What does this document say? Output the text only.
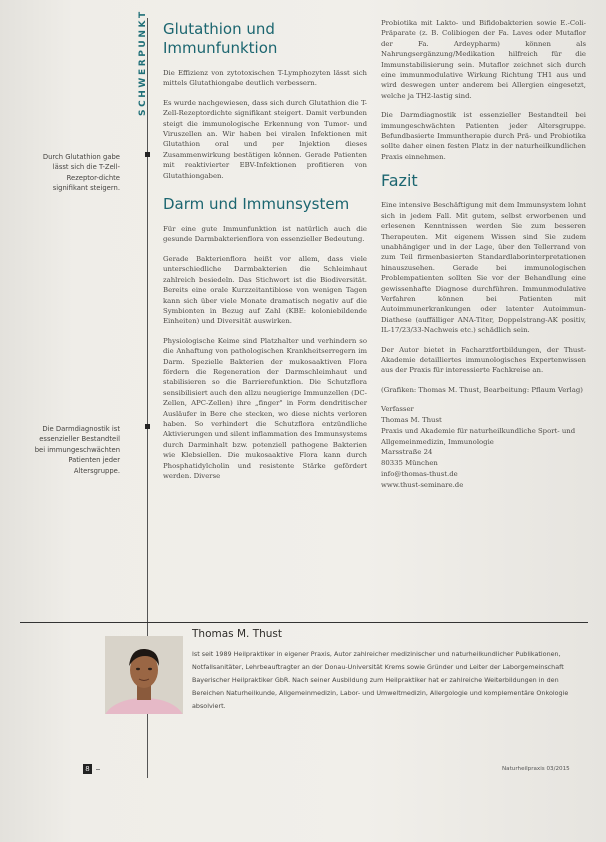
SCHWERPUNKT
Durch Glutathion gabe lässt sich die T-Zell-Rezeptor-dichte signifikant steigern.
Die Darmdiagnostik ist essenzieller Bestandteil bei immungeschwächten Patienten jeder Altersgruppe.
Glutathion und Immunfunktion

Die Effizienz von zytotoxischen T-Lymphozyten lässt sich mittels Glutathiongabe deutlich verbessern.

Es wurde nachgewiesen, dass sich durch Glutathion die T-Zell-Rezeptordichte signifikant steigert. Damit verbunden steigt die immunologische Erkennung von Tumor- und Viruszellen an. Wir haben bei viralen Infektionen mit Glutathion oral und per Injektion dieses Zusammenwirkung bestätigen können. Gerade Patienten mit reaktivierter EBV-Infektionen profitieren von Glutathiongaben.

Darm und Immunsystem

Für eine gute Immunfunktion ist natürlich auch die gesunde Darmbakterienflora von essenzieller Bedeutung.

Gerade Bakterienflora heißt vor allem, dass viele unterschiedliche Darmbakterien die Schleimhaut zahlreich besiedeln. Das Stichwort ist die Biodiversität. Bereits eine orale Kurzzeitantibiose von wenigen Tagen kann sich über viele Monate dramatisch negativ auf die Symbionten in Bezug auf Zahl (KBE: koloniebildende Einheiten) und Diversität auswirken.

Physiologische Keime sind Platzhalter und verhindern so die Anhaftung von pathologischen Krankheitserregern im Darm. Spezielle Bakterien der mukosaaktiven Flora fördern die Regeneration der Darmschleimhaut und stabilisieren so die Barrierefunktion. Die Schutzflora sensibilisiert auch den allzu neugierige Immunzellen (DC-Zellen, APC-Zellen) ihre „finger" in Form dendritischer Ausläufer in Bere che stecken, wo diese nichts verloren haben. So verhindert die Schutzflora entzündliche Aktivierungen und silent inflammation des Immunsystems durch Darminhalt bzw. potenziell pathogene Bakterien wie Klebsiellen. Die mukosaaktive Flora kann durch Phosphatidylcholin und resistente Stärke gefördert werden. Diverse

Probiotika mit Lakto- und Bifidobakterien sowie E.-Coli-Präparate (z. B. Colibiogen der Fa. Laves oder Mutaflor der Fa. Ardeypharm) können als Nahrungsergänzung/Medikation hilfreich für die Immunstabilisierung sein. Mutaflor zeichnet sich durch eine immunmodulative Wirkung Richtung TH1 aus und wird deswegen unter anderem bei Allergien eingesetzt, welche ja TH2-lastig sind.

Die Darmdiagnostik ist essenzieller Bestandteil bei immungeschwächten Patienten jeder Altersgruppe. Befundbasierte Immuntherapie durch Prä- und Probiotika sollte daher einen festen Platz in der naturheilkundlichen Praxis einnehmen.

Fazit

Eine intensive Beschäftigung mit dem Immunsystem lohnt sich in jedem Fall. Mit gutem, selbst erworbenen und erlesenen Kenntnissen werden Sie zum besseren Therapeuten. Mit eigenem Wissen sind Sie zudem unabhängiger und in der Lage, über den Tellerrand von zum Teil firmenbasierten Standardlaborinterpretationen hinauszusehen. Gerade bei immunologischen Problempatienten sollten Sie vor der Behandlung eine gewissenhafte Diagnose durchführen. Immunmodulative Verfahren können bei Patienten mit Autoimmunerkrankungen oder latenter Autoimmun-Diathese (auffälliger ANA-Titer, Doppelstrang-AK positiv, IL-17/23/33-Nachweis etc.) schädlich sein.

Der Autor bietet in Facharztfortbildungen, der Thust-Akademie detailliertes immunologisches Expertenwissen aus der Praxis für interessierte Fachkreise an.

(Grafiken: Thomas M. Thust, Bearbeitung: Pflaum Verlag)

Verfasser
Thomas M. Thust
Praxis und Akademie für naturheilkundliche Sport- und Allgemeinmedizin, Immunologie
Marsstraße 24
80335 München
info@thomas-thust.de
www.thust-seminare.de
Thomas M. Thust
Ist seit 1989 Heilpraktiker in eigener Praxis, Autor zahlreicher medizinischer und naturheilkundlicher Publikationen, Notfallsanitäter, Lehrbeauftragter an der Donau-Universität Krems sowie Gründer und Leiter der Laborgemeinschaft Bayerischer Heilpraktiker GbR. Nach seiner Ausbildung zum Heilpraktiker hat er zahlreiche Weiterbildungen in den Bereichen Naturheilkunde, Allgemeinmedizin, Labor- und Umweltmedizin, Allergologie und komplementäre Onkologie absolviert.
8	Naturheilpraxis 03/2015
